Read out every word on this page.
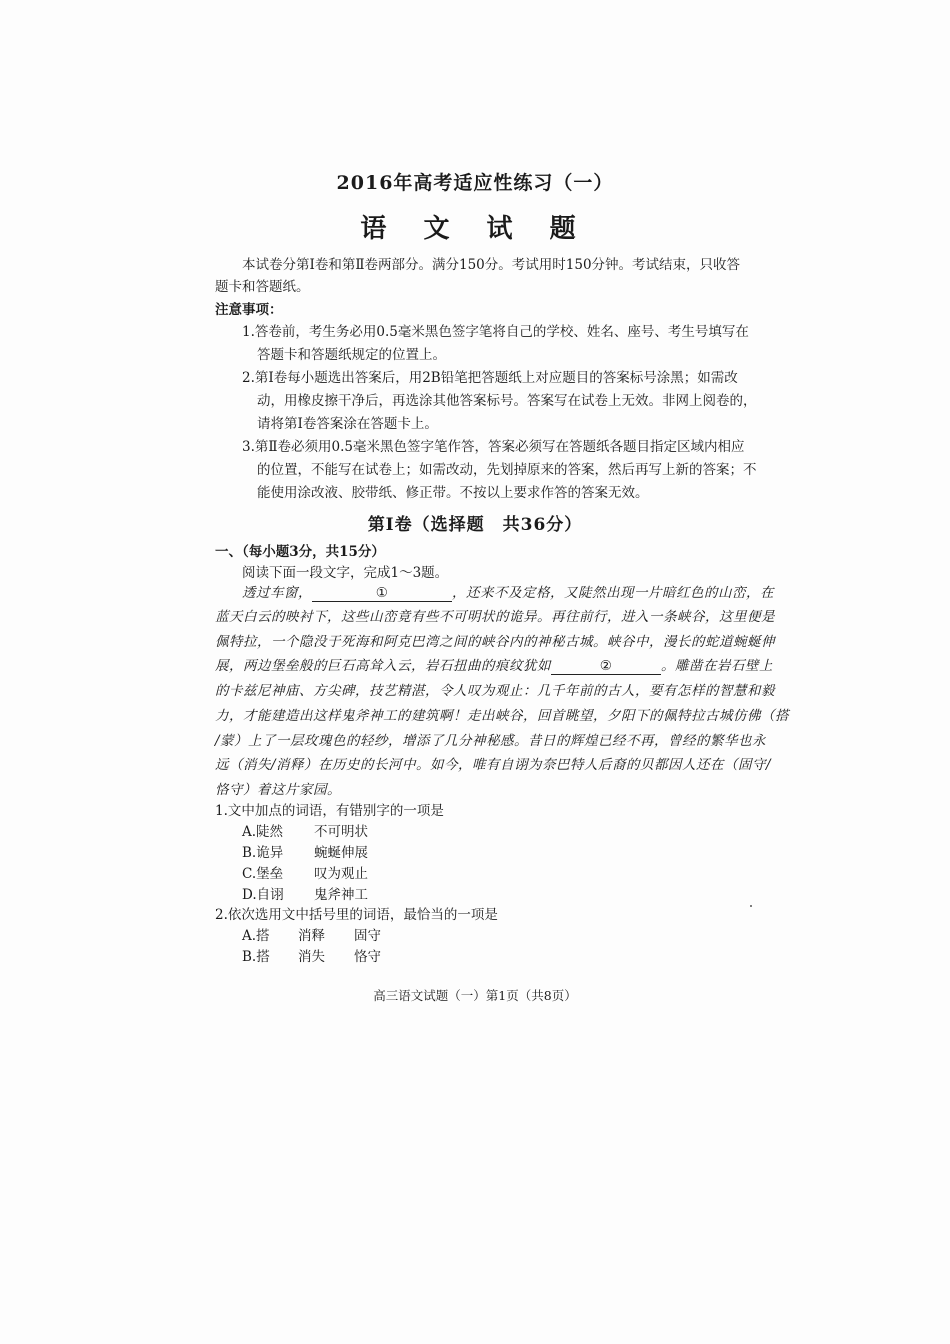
2016年高考适应性练习（一）
语 文 试 题
本试卷分第Ⅰ卷和第Ⅱ卷两部分。满分150分。考试用时150分钟。考试结束，只收答
题卡和答题纸。
注意事项：
1.答卷前，考生务必用0.5毫米黑色签字笔将自己的学校、姓名、座号、考生号填写在
答题卡和答题纸规定的位置上。
2.第Ⅰ卷每小题选出答案后，用2B铅笔把答题纸上对应题目的答案标号涂黑；如需改
动，用橡皮擦干净后，再选涂其他答案标号。答案写在试卷上无效。非网上阅卷的，
请将第Ⅰ卷答案涂在答题卡上。
3.第Ⅱ卷必须用0.5毫米黑色签字笔作答，答案必须写在答题纸各题目指定区域内相应
的位置，不能写在试卷上；如需改动，先划掉原来的答案，然后再写上新的答案；不
能使用涂改液、胶带纸、修正带。不按以上要求作答的答案无效。
第Ⅰ卷（选择题　共36分）
一、（每小题3分，共15分）
阅读下面一段文字，完成1～3题。
透过车窗，	①	，还来不及定格，又陡然出现一片暗红色的山峦，在
蓝天白云的映衬下，这些山峦竟有些不可明状的诡异。再往前行，进入一条峡谷，这里便是
佩特拉，一个隐没于死海和阿克巴湾之间的峡谷内的神秘古城。峡谷中，漫长的蛇道蜿蜒伸
展，两边堡垒般的巨石高耸入云，岩石扭曲的痕纹犹如	②	。雕凿在岩石壁上
的卡兹尼神庙、方尖碑，技艺精湛，令人叹为观止：几千年前的古人，要有怎样的智慧和毅
力，才能建造出这样鬼斧神工的建筑啊！走出峡谷，回首眺望，夕阳下的佩特拉古城仿佛（搭
/蒙）上了一层玫瑰色的轻纱，增添了几分神秘感。昔日的辉煌已经不再，曾经的繁华也永
远（消失/消释）在历史的长河中。如今，唯有自诩为奈巴特人后裔的贝都因人还在（固守/
恪守）着这片家园。
1.文中加点的词语，有错别字的一项是
A.陡然 不可明状
B.诡异 蜿蜒伸展
C.堡垒 叹为观止
D.自诩 鬼斧神工
2.依次选用文中括号里的词语，最恰当的一项是
A.搭 消释 固守
B.搭 消失 恪守
高三语文试题（一）第1页（共8页）
